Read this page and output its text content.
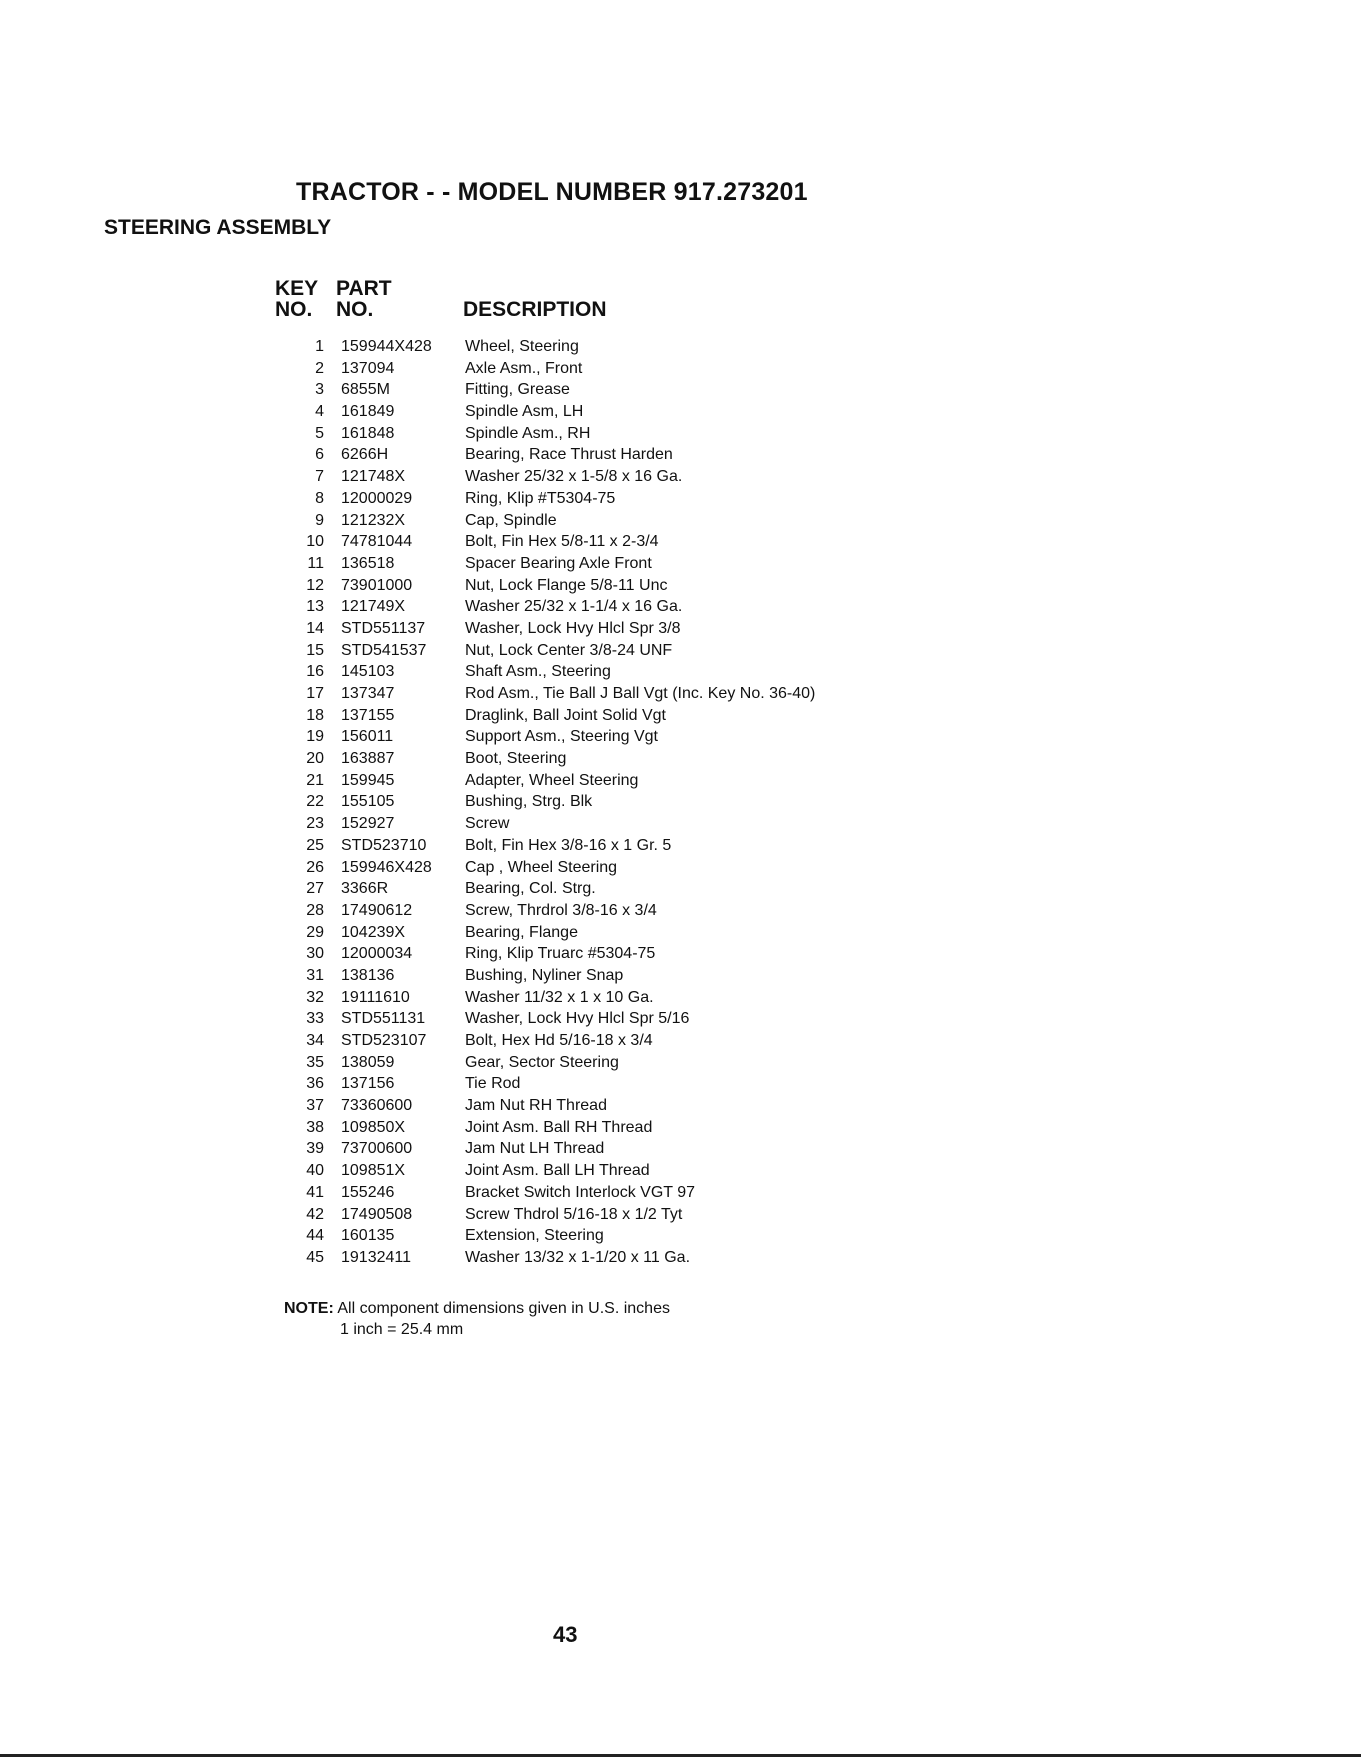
TRACTOR - - MODEL NUMBER 917.273201
STEERING ASSEMBLY
KEY
NO.
PART
NO.	DESCRIPTION
1 159944X428 Wheel, Steering
2 137094	Axle Asm., Front
3 6855M	Fitting, Grease
4 161849	Spindle Asm, LH
5 161848	Spindle Asm., RH
6 6266H	Bearing, Race Thrust Harden
7 121748X	Washer 25/32 x 1-5/8 x 16 Ga.
8 12000029	Ring, Klip #T5304-75
9 121232X	Cap, Spindle
10 74781044	Bolt, Fin Hex 5/8-11 x 2-3/4
11 136518	Spacer Bearing Axle Front
12 73901000	Nut, Lock Flange 5/8-11 Unc
13 121749X	Washer 25/32 x 1-1/4 x 16 Ga.
14 STD551137 Washer, Lock Hvy Hlcl Spr 3/8
15 STD541537 Nut, Lock Center 3/8-24 UNF
16 145103	Shaft Asm., Steering
17 137347	Rod Asm., Tie Ball J Ball Vgt (Inc. Key No. 36-40)
18 137155	Draglink, Ball Joint Solid Vgt
19 156011	Support Asm., Steering Vgt
20 163887	Boot, Steering
21 159945	Adapter, Wheel Steering
22 155105	Bushing, Strg. Blk
23 152927	Screw
25 STD523710 Bolt, Fin Hex 3/8-16 x 1 Gr. 5
26 159946X428 Cap , Wheel Steering
27 3366R	Bearing, Col. Strg.
28 17490612	Screw, Thrdrol 3/8-16 x 3/4
29 104239X	Bearing, Flange
30 12000034	Ring, Klip Truarc #5304-75
31 138136	Bushing, Nyliner Snap
32 19111610	Washer 11/32 x 1 x 10 Ga.
33 STD551131 Washer, Lock Hvy Hlcl Spr 5/16
34 STD523107 Bolt, Hex Hd 5/16-18 x 3/4
35 138059	Gear, Sector Steering
36 137156	Tie Rod
37 73360600	Jam Nut RH Thread
38 109850X	Joint Asm. Ball RH Thread
39 73700600	Jam Nut LH Thread
40 109851X	Joint Asm. Ball LH Thread
41 155246	Bracket Switch Interlock VGT 97
42 17490508	Screw Thdrol 5/16-18 x 1/2 Tyt
44 160135	Extension, Steering
45 19132411	Washer 13/32 x 1-1/20 x 11 Ga.
NOTE: All component dimensions given in U.S. inches
1 inch = 25.4 mm
43
